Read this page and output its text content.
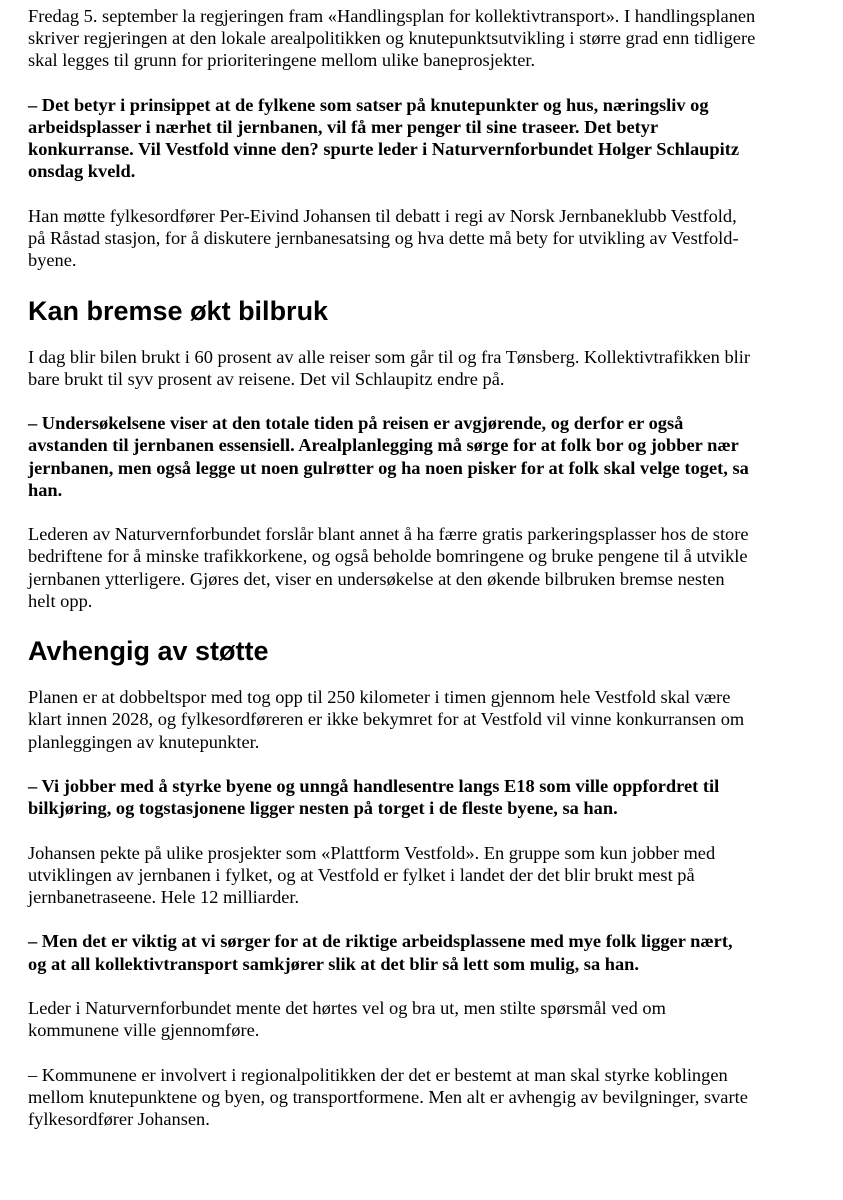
Fredag 5. september la regjeringen fram «Handlingsplan for kollektivtransport». I handlingsplanen
skriver regjeringen at den lokale arealpolitikken og knutepunktsutvikling i større grad enn tidligere
skal legges til grunn for prioriteringene mellom ulike baneprosjekter.

– Det betyr i prinsippet at de fylkene som satser på knutepunkter og hus, næringsliv og
arbeidsplasser i nærhet til jernbanen, vil få mer penger til sine traseer. Det betyr
konkurranse. Vil Vestfold vinne den? spurte leder i Naturvernforbundet Holger Schlaupitz
onsdag kveld.

Han møtte fylkesordfører Per-Eivind Johansen til debatt i regi av Norsk Jernbaneklubb Vestfold,
på Råstad stasjon, for å diskutere jernbanesatsing og hva dette må bety for utvikling av Vestfold-
byene.

Kan bremse økt bilbruk

I dag blir bilen brukt i 60 prosent av alle reiser som går til og fra Tønsberg. Kollektivtrafikken blir
bare brukt til syv prosent av reisene. Det vil Schlaupitz endre på.

– Undersøkelsene viser at den totale tiden på reisen er avgjørende, og derfor er også
avstanden til jernbanen essensiell. Arealplanlegging må sørge for at folk bor og jobber nær
jernbanen, men også legge ut noen gulrøtter og ha noen pisker for at folk skal velge toget, sa
han.

Lederen av Naturvernforbundet forslår blant annet å ha færre gratis parkeringsplasser hos de store
bedriftene for å minske trafikkorkene, og også beholde bomringene og bruke pengene til å utvikle
jernbanen ytterligere. Gjøres det, viser en undersøkelse at den økende bilbruken bremse nesten
helt opp.

Avhengig av støtte

Planen er at dobbeltspor med tog opp til 250 kilometer i timen gjennom hele Vestfold skal være
klart innen 2028, og fylkesordføreren er ikke bekymret for at Vestfold vil vinne konkurransen om
planleggingen av knutepunkter.

– Vi jobber med å styrke byene og unngå handlesentre langs E18 som ville oppfordret til
bilkjøring, og togstasjonene ligger nesten på torget i de fleste byene, sa han.

Johansen pekte på ulike prosjekter som «Plattform Vestfold». En gruppe som kun jobber med
utviklingen av jernbanen i fylket, og at Vestfold er fylket i landet der det blir brukt mest på
jernbanetraseene. Hele 12 milliarder.

– Men det er viktig at vi sørger for at de riktige arbeidsplassene med mye folk ligger nært,
og at all kollektivtransport samkjører slik at det blir så lett som mulig, sa han.

Leder i Naturvernforbundet mente det hørtes vel og bra ut, men stilte spørsmål ved om
kommunene ville gjennomføre.

– Kommunene er involvert i regionalpolitikken der det er bestemt at man skal styrke koblingen
mellom knutepunktene og byen, og transportformene. Men alt er avhengig av bevilgninger, svarte
fylkesordfører Johansen.
